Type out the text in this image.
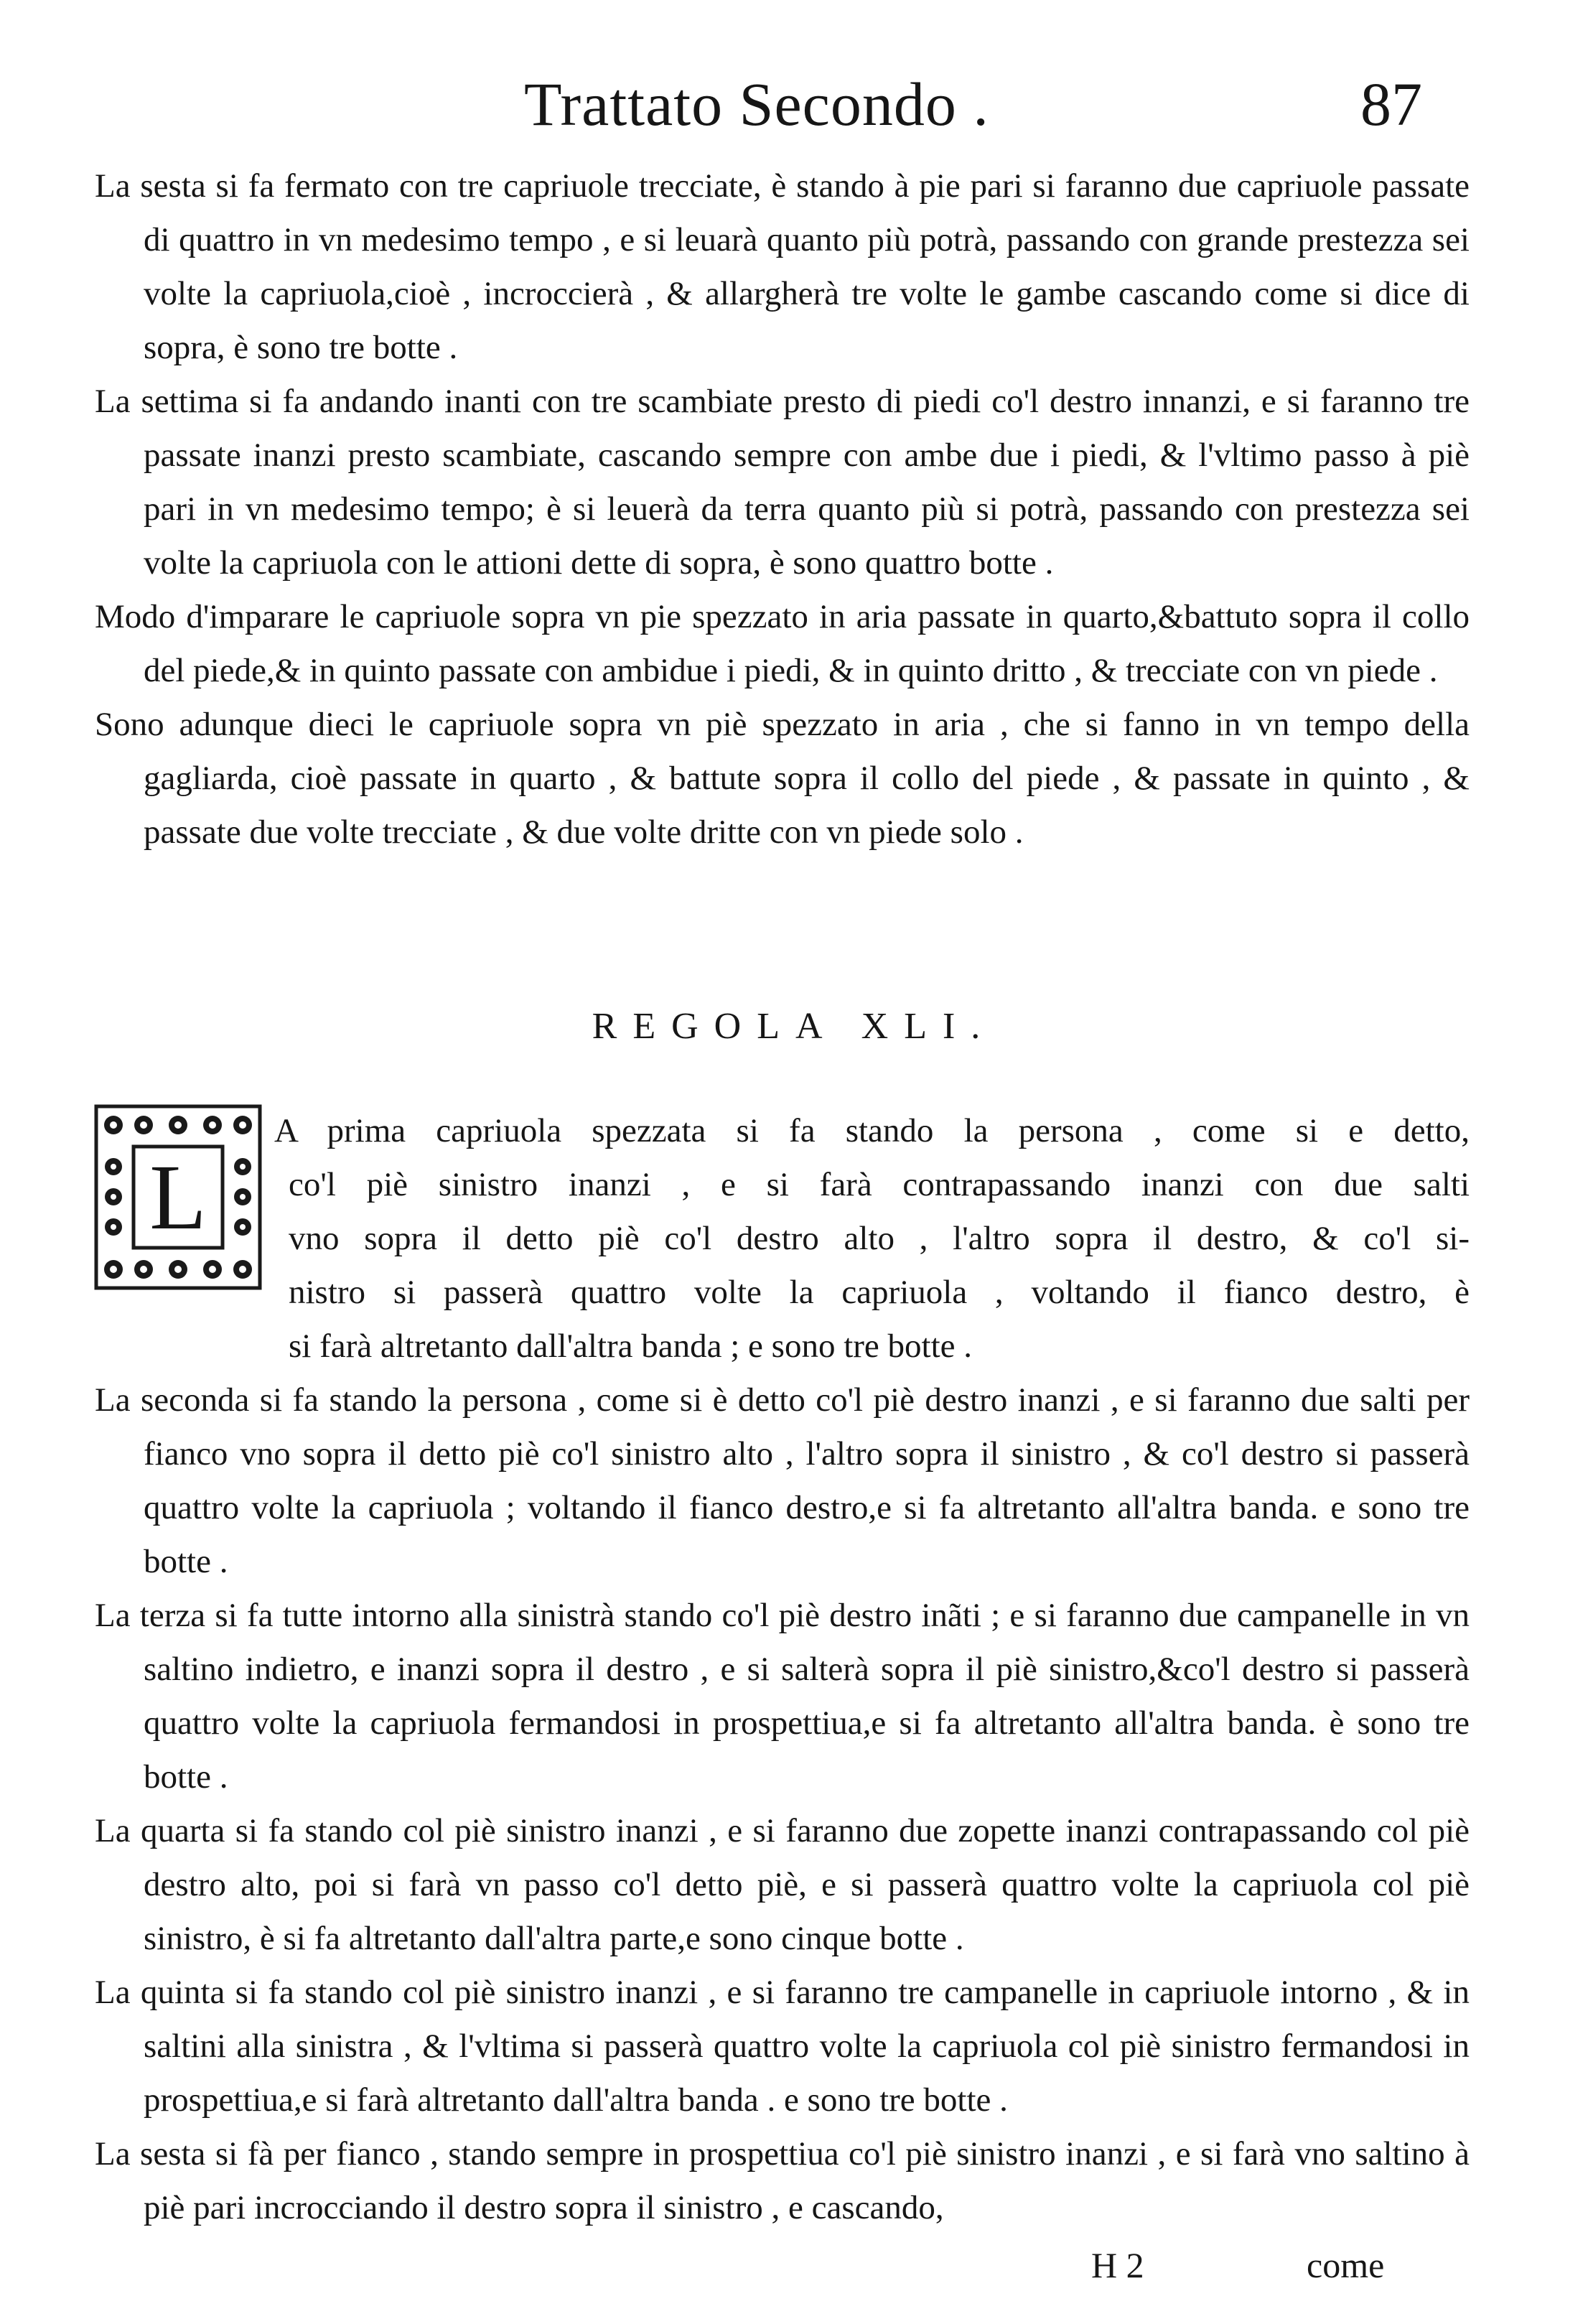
Trattato Secondo .	87

La sesta si fa fermato con tre capriuole trecciate, è stando à pie pari si faranno due capriuole passate di quattro in vn medesimo tempo , e si leuarà quanto più potrà, passando con grande prestezza sei volte la capriuola,cioè , incroccierà , & allargherà tre volte le gambe cascando come si dice di sopra, è sono tre botte .

La settima si fa andando inanti con tre scambiate presto di piedi co'l destro innanzi, e si faranno tre passate inanzi presto scambiate, cascando sempre con ambe due i piedi, & l'vltimo passo à piè pari in vn medesimo tempo; è si leuerà da terra quanto più si potrà, passando con prestezza sei volte la capriuola con le attioni dette di sopra, è sono quattro botte .

Modo d'imparare le capriuole sopra vn pie spezzato in aria passate in quarto,&battuto sopra il collo del piede,& in quinto passate con ambidue i piedi, & in quinto dritto , & trecciate con vn piede .

Sono adunque dieci le capriuole sopra vn piè spezzato in aria , che si fanno in vn tempo della gagliarda, cioè passate in quarto , & battute sopra il collo del piede , & passate in quinto , & passate due volte trecciate , & due volte dritte con vn piede solo .

REGOLA XLI.
L
A prima capriuola spezzata si fa stando la persona , come si e detto,
co'l piè sinistro inanzi , e si farà contrapassando inanzi con due salti
vno sopra il detto piè co'l destro alto , l'altro sopra il destro, & co'l si-
nistro si passerà quattro volte la capriuola , voltando il fianco destro, è
si farà altretanto dall'altra banda ; e sono tre botte .

La seconda si fa stando la persona , come si è detto co'l piè destro inanzi , e si faranno due salti per fianco vno sopra il detto piè co'l sinistro alto , l'altro sopra il sinistro , & co'l destro si passerà quattro volte la capriuola ; voltando il fianco destro,e si fa altretanto all'altra banda. e sono tre botte .

La terza si fa tutte intorno alla sinistrà stando co'l piè destro inãti ; e si faranno due campanelle in vn saltino indietro, e inanzi sopra il destro , e si salterà sopra il piè sinistro,&co'l destro si passerà quattro volte la capriuola fermandosi in prospettiua,e si fa altretanto all'altra banda. è sono tre botte .

La quarta si fa stando col piè sinistro inanzi , e si faranno due zopette inanzi contrapassando col piè destro alto, poi si farà vn passo co'l detto piè, e si passerà quattro volte la capriuola col piè sinistro, è si fa altretanto dall'altra parte,e sono cinque botte .

La quinta si fa stando col piè sinistro inanzi , e si faranno tre campanelle in capriuole intorno , & in saltini alla sinistra , & l'vltima si passerà quattro volte la capriuola col piè sinistro fermandosi in prospettiua,e si farà altretanto dall'altra banda . e sono tre botte .

La sesta si fà per fianco , stando sempre in prospettiua co'l piè sinistro inanzi , e si farà vno saltino à piè pari incrocciando il destro sopra il sinistro , e cascando,

H 2	come
